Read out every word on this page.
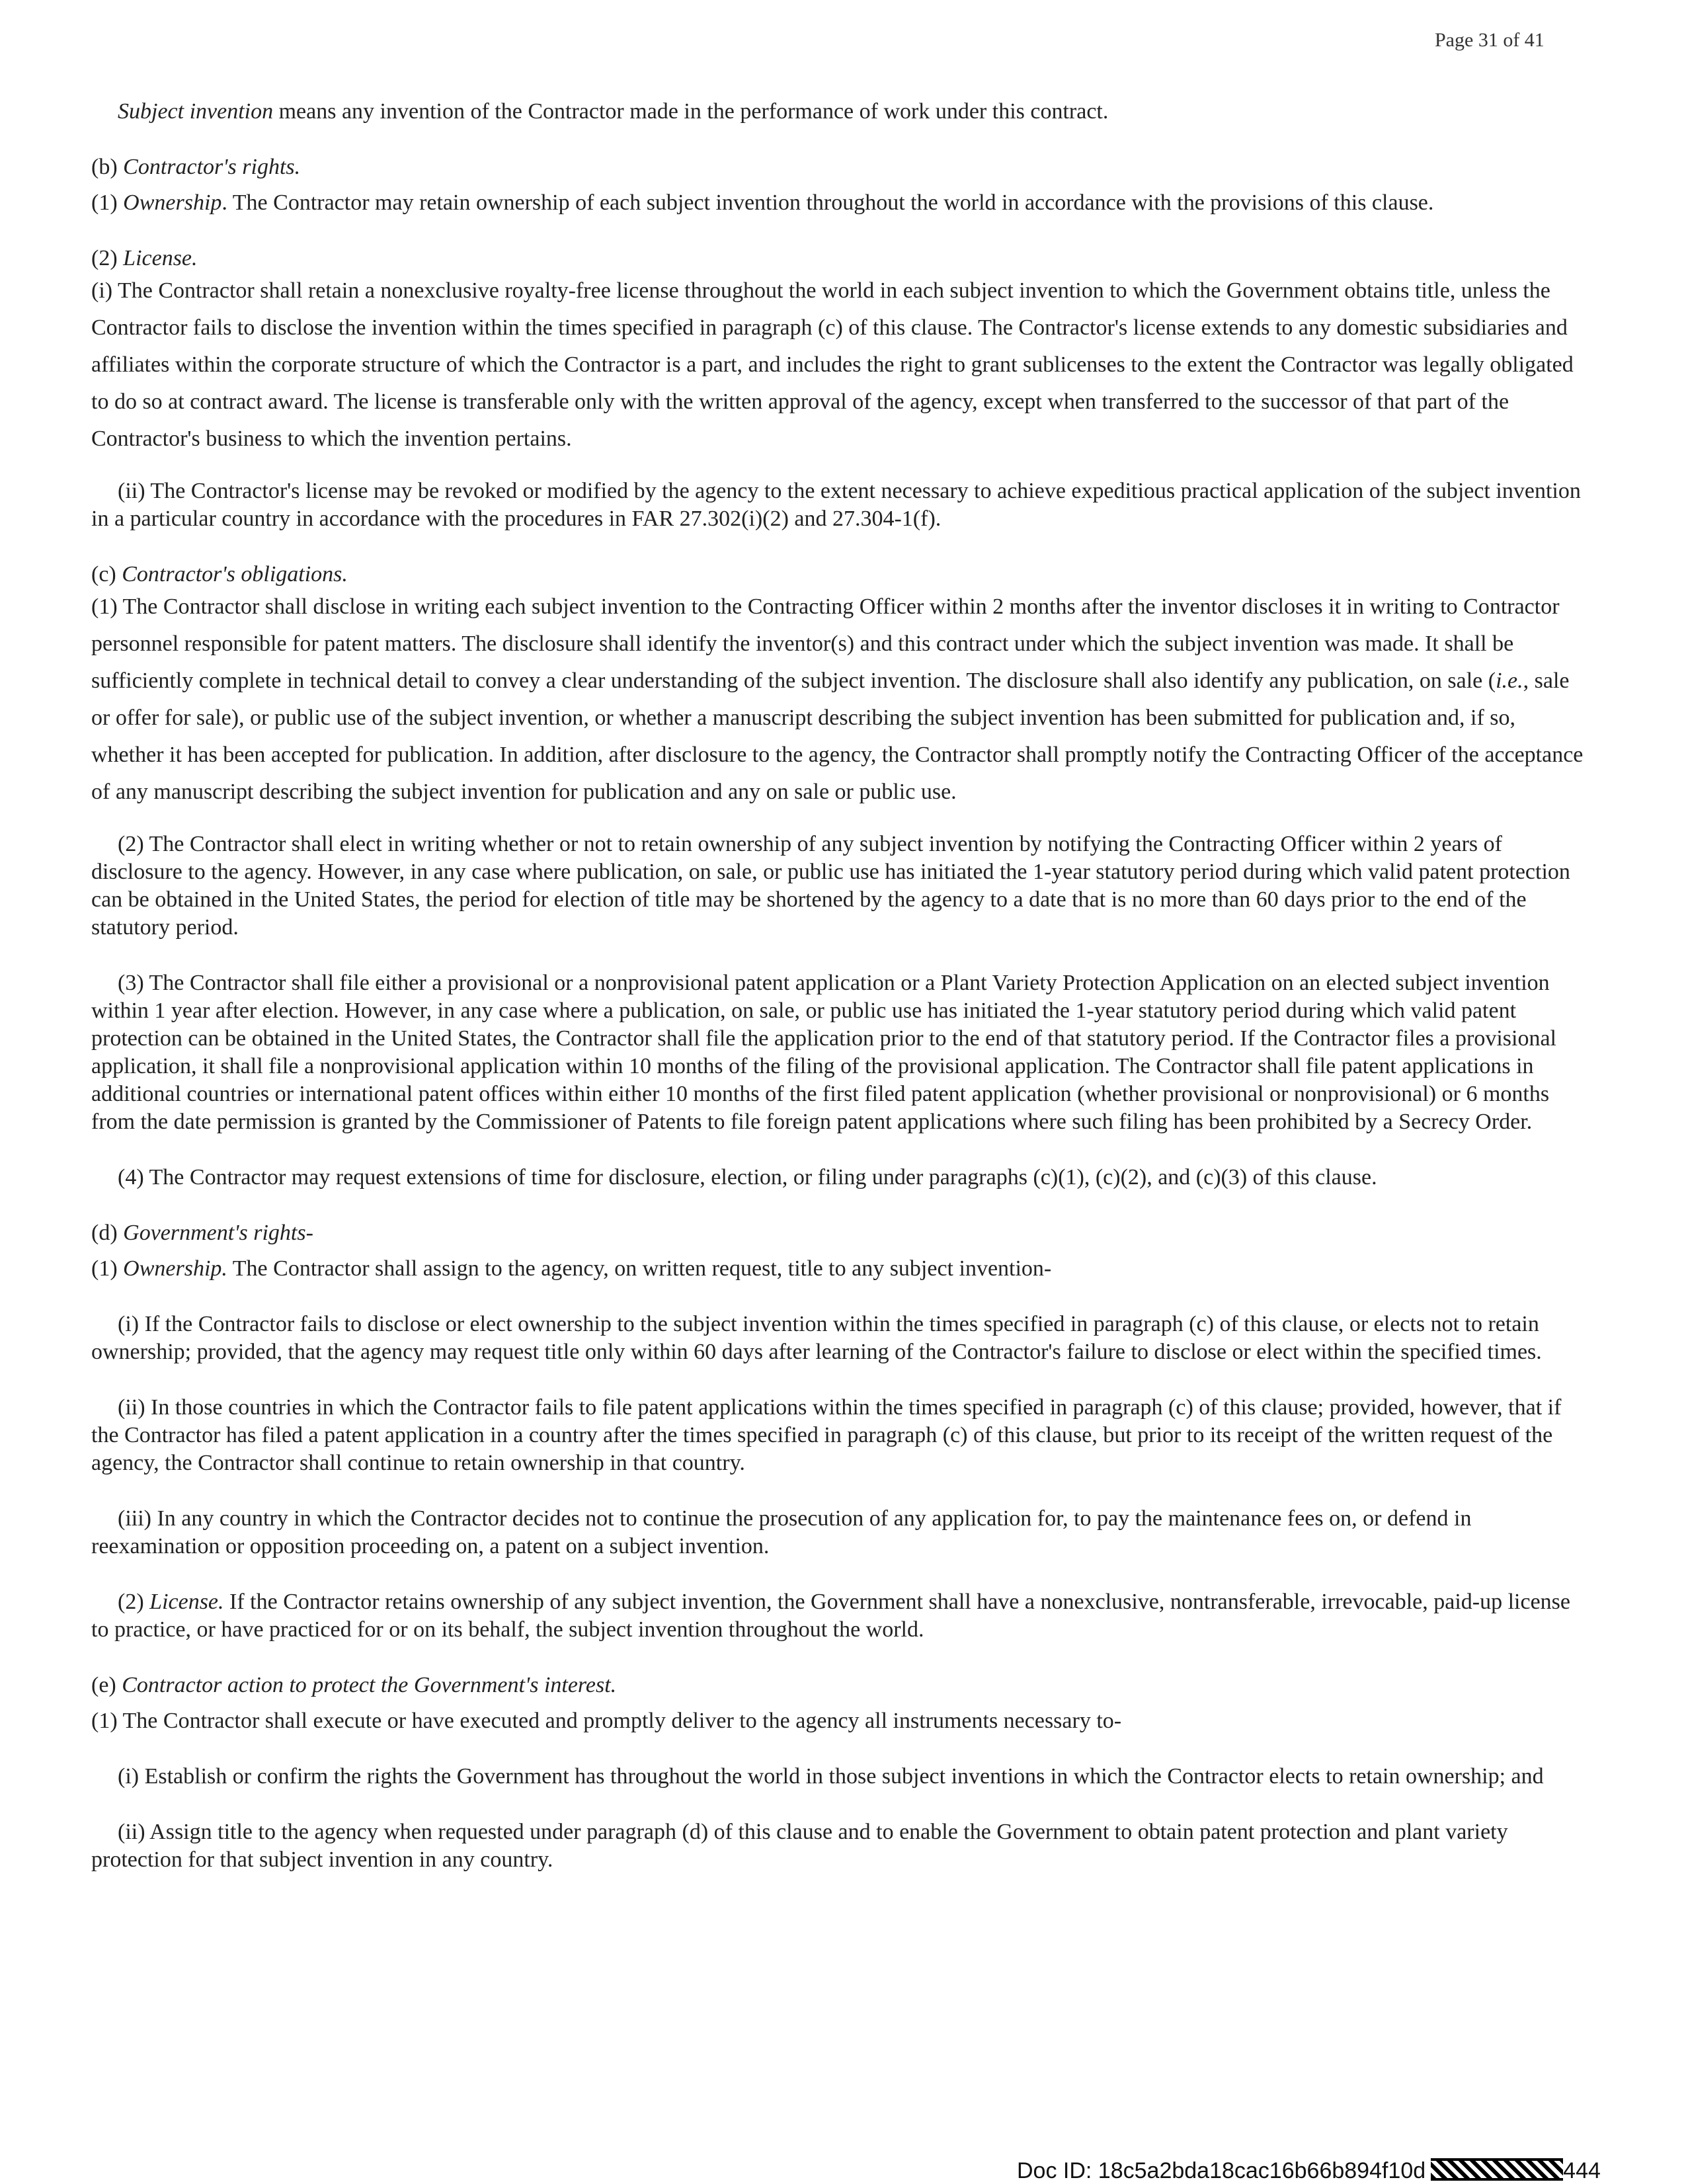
Page 31 of 41

Subject invention means any invention of the Contractor made in the performance of work under this contract.

(b) Contractor's rights.

(1) Ownership. The Contractor may retain ownership of each subject invention throughout the world in accordance with the provisions of this clause.

(2) License.

(i) The Contractor shall retain a nonexclusive royalty-free license throughout the world in each subject invention to which the Government obtains title, unless the Contractor fails to disclose the invention within the times specified in paragraph (c) of this clause. The Contractor's license extends to any domestic subsidiaries and affiliates within the corporate structure of which the Contractor is a part, and includes the right to grant sublicenses to the extent the Contractor was legally obligated to do so at contract award. The license is transferable only with the written approval of the agency, except when transferred to the successor of that part of the Contractor's business to which the invention pertains.

(ii) The Contractor's license may be revoked or modified by the agency to the extent necessary to achieve expeditious practical application of the subject invention in a particular country in accordance with the procedures in FAR 27.302(i)(2) and 27.304-1(f).

(c) Contractor's obligations.

(1) The Contractor shall disclose in writing each subject invention to the Contracting Officer within 2 months after the inventor discloses it in writing to Contractor personnel responsible for patent matters. The disclosure shall identify the inventor(s) and this contract under which the subject invention was made. It shall be sufficiently complete in technical detail to convey a clear understanding of the subject invention. The disclosure shall also identify any publication, on sale (i.e., sale or offer for sale), or public use of the subject invention, or whether a manuscript describing the subject invention has been submitted for publication and, if so, whether it has been accepted for publication. In addition, after disclosure to the agency, the Contractor shall promptly notify the Contracting Officer of the acceptance of any manuscript describing the subject invention for publication and any on sale or public use.

(2) The Contractor shall elect in writing whether or not to retain ownership of any subject invention by notifying the Contracting Officer within 2 years of disclosure to the agency. However, in any case where publication, on sale, or public use has initiated the 1-year statutory period during which valid patent protection can be obtained in the United States, the period for election of title may be shortened by the agency to a date that is no more than 60 days prior to the end of the statutory period.

(3) The Contractor shall file either a provisional or a nonprovisional patent application or a Plant Variety Protection Application on an elected subject invention within 1 year after election. However, in any case where a publication, on sale, or public use has initiated the 1-year statutory period during which valid patent protection can be obtained in the United States, the Contractor shall file the application prior to the end of that statutory period. If the Contractor files a provisional application, it shall file a nonprovisional application within 10 months of the filing of the provisional application. The Contractor shall file patent applications in additional countries or international patent offices within either 10 months of the first filed patent application (whether provisional or nonprovisional) or 6 months from the date permission is granted by the Commissioner of Patents to file foreign patent applications where such filing has been prohibited by a Secrecy Order.

(4) The Contractor may request extensions of time for disclosure, election, or filing under paragraphs (c)(1), (c)(2), and (c)(3) of this clause.

(d) Government's rights-

(1) Ownership. The Contractor shall assign to the agency, on written request, title to any subject invention-

(i) If the Contractor fails to disclose or elect ownership to the subject invention within the times specified in paragraph (c) of this clause, or elects not to retain ownership; provided, that the agency may request title only within 60 days after learning of the Contractor's failure to disclose or elect within the specified times.

(ii) In those countries in which the Contractor fails to file patent applications within the times specified in paragraph (c) of this clause; provided, however, that if the Contractor has filed a patent application in a country after the times specified in paragraph (c) of this clause, but prior to its receipt of the written request of the agency, the Contractor shall continue to retain ownership in that country.

(iii) In any country in which the Contractor decides not to continue the prosecution of any application for, to pay the maintenance fees on, or defend in reexamination or opposition proceeding on, a patent on a subject invention.

(2) License. If the Contractor retains ownership of any subject invention, the Government shall have a nonexclusive, nontransferable, irrevocable, paid-up license to practice, or have practiced for or on its behalf, the subject invention throughout the world.

(e) Contractor action to protect the Government's interest.

(1) The Contractor shall execute or have executed and promptly deliver to the agency all instruments necessary to-

(i) Establish or confirm the rights the Government has throughout the world in those subject inventions in which the Contractor elects to retain ownership; and

(ii) Assign title to the agency when requested under paragraph (d) of this clause and to enable the Government to obtain patent protection and plant variety protection for that subject invention in any country.

Doc ID: 18c5a2bda18cac16b66b894f10d	444
